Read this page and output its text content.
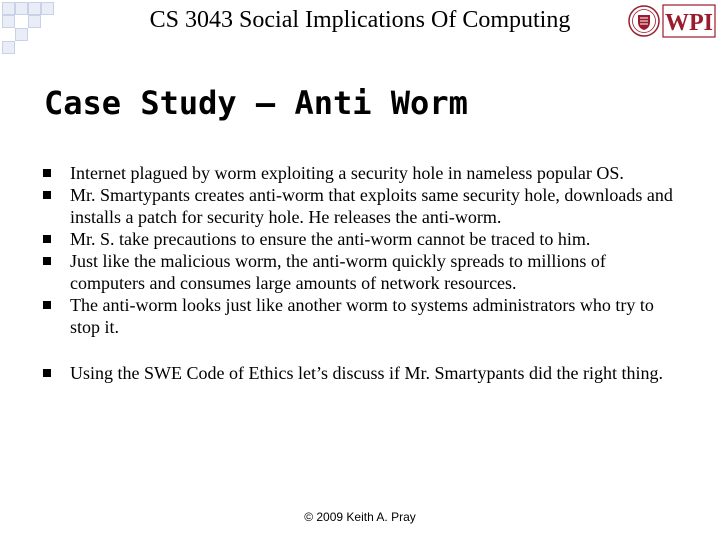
CS 3043 Social Implications Of Computing	WPI
Case Study – Anti Worm
Internet plagued by worm exploiting a security hole in nameless popular OS.
Mr. Smartypants creates anti-worm that exploits same security hole, downloads and installs a patch for security hole. He releases the anti-worm.
Mr. S. take precautions to ensure the anti-worm cannot be traced to him.
Just like the malicious worm, the anti-worm quickly spreads to millions of computers and consumes large amounts of network resources.
The anti-worm looks just like another worm to systems administrators who try to stop it.
Using the SWE Code of Ethics let’s discuss if Mr. Smartypants did the right thing.
© 2009 Keith A. Pray
